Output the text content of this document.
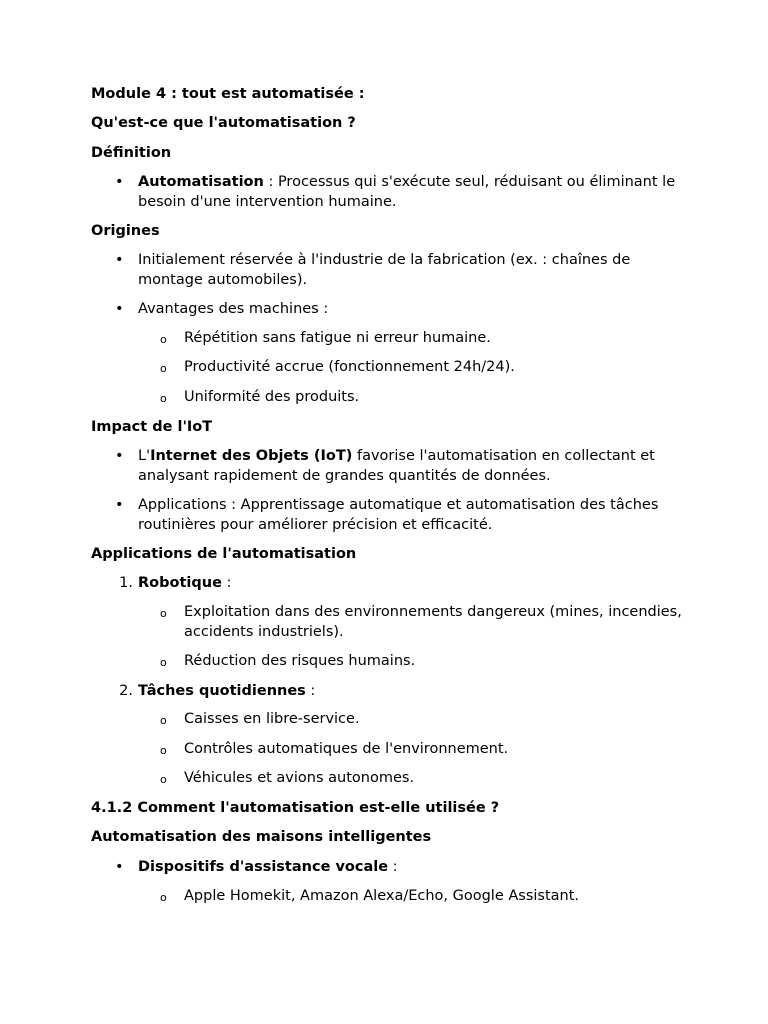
Module 4 : tout est automatisée :
Qu'est-ce que l'automatisation ?
Définition
• Automatisation : Processus qui s'exécute seul, réduisant ou éliminant le besoin d'une intervention humaine.
Origines
• Initialement réservée à l'industrie de la fabrication (ex. : chaînes de montage automobiles).
• Avantages des machines :
o Répétition sans fatigue ni erreur humaine.
o Productivité accrue (fonctionnement 24h/24).
o Uniformité des produits.
Impact de l'IoT
• L'Internet des Objets (IoT) favorise l'automatisation en collectant et analysant rapidement de grandes quantités de données.
• Applications : Apprentissage automatique et automatisation des tâches routinières pour améliorer précision et efficacité.
Applications de l'automatisation
1. Robotique :
o Exploitation dans des environnements dangereux (mines, incendies, accidents industriels).
o Réduction des risques humains.
2. Tâches quotidiennes :
o Caisses en libre-service.
o Contrôles automatiques de l'environnement.
o Véhicules et avions autonomes.
4.1.2 Comment l'automatisation est-elle utilisée ?
Automatisation des maisons intelligentes
• Dispositifs d'assistance vocale :
o Apple Homekit, Amazon Alexa/Echo, Google Assistant.
